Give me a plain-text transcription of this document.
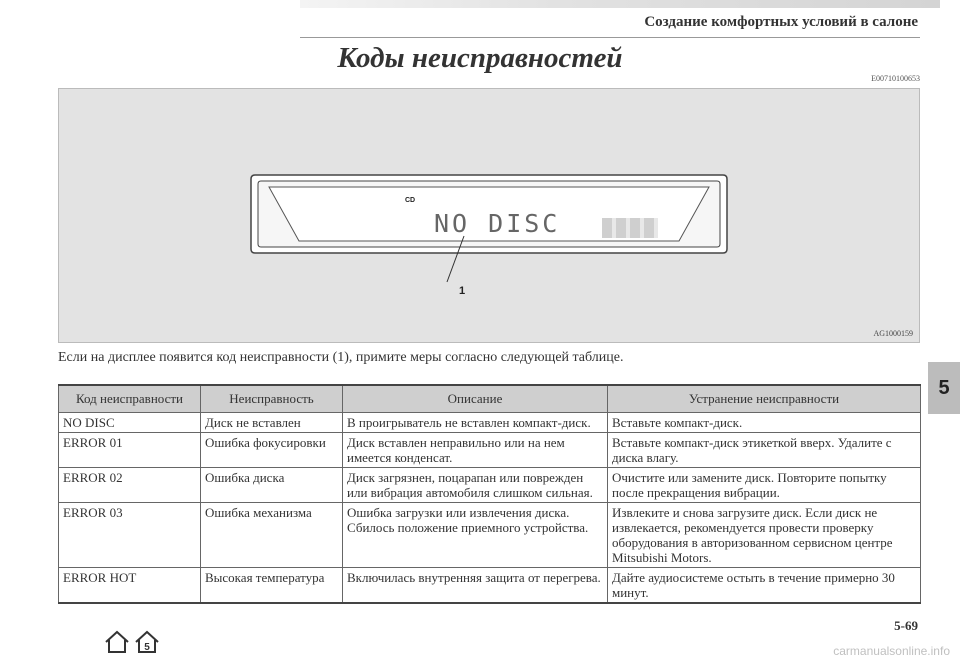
Создание комфортных условий в салоне
Коды неисправностей
E00710100653
CD
NO DISC
1
AG1000159
Если на дисплее появится код неисправности (1), примите меры согласно следующей таблице.
Код неисправности	Неисправность	Описание	Устранение неисправности
NO DISC	Диск не вставлен	В проигрыватель не вставлен компакт-диск.	Вставьте компакт-диск.
ERROR 01	Ошибка фокусировки	Диск вставлен неправильно или на нем имеется конденсат.	Вставьте компакт-диск этикеткой вверх. Удалите с диска влагу.
ERROR 02	Ошибка диска	Диск загрязнен, поцарапан или поврежден или вибрация автомобиля слишком сильная.	Очистите или замените диск. Повторите попытку после прекращения вибрации.
ERROR 03	Ошибка механизма	Ошибка загрузки или извлечения диска. Сбилось положение приемного устройства.	Извлеките и снова загрузите диск. Если диск не извлекается, рекомендуется провести проверку оборудования в авторизованном сервисном центре Mitsubishi Motors.
ERROR HOT	Высокая температура	Включилась внутренняя защита от перегрева.	Дайте аудиосистеме остыть в течение примерно 30 минут.
5
5-69
5	carmanualsonline.info
